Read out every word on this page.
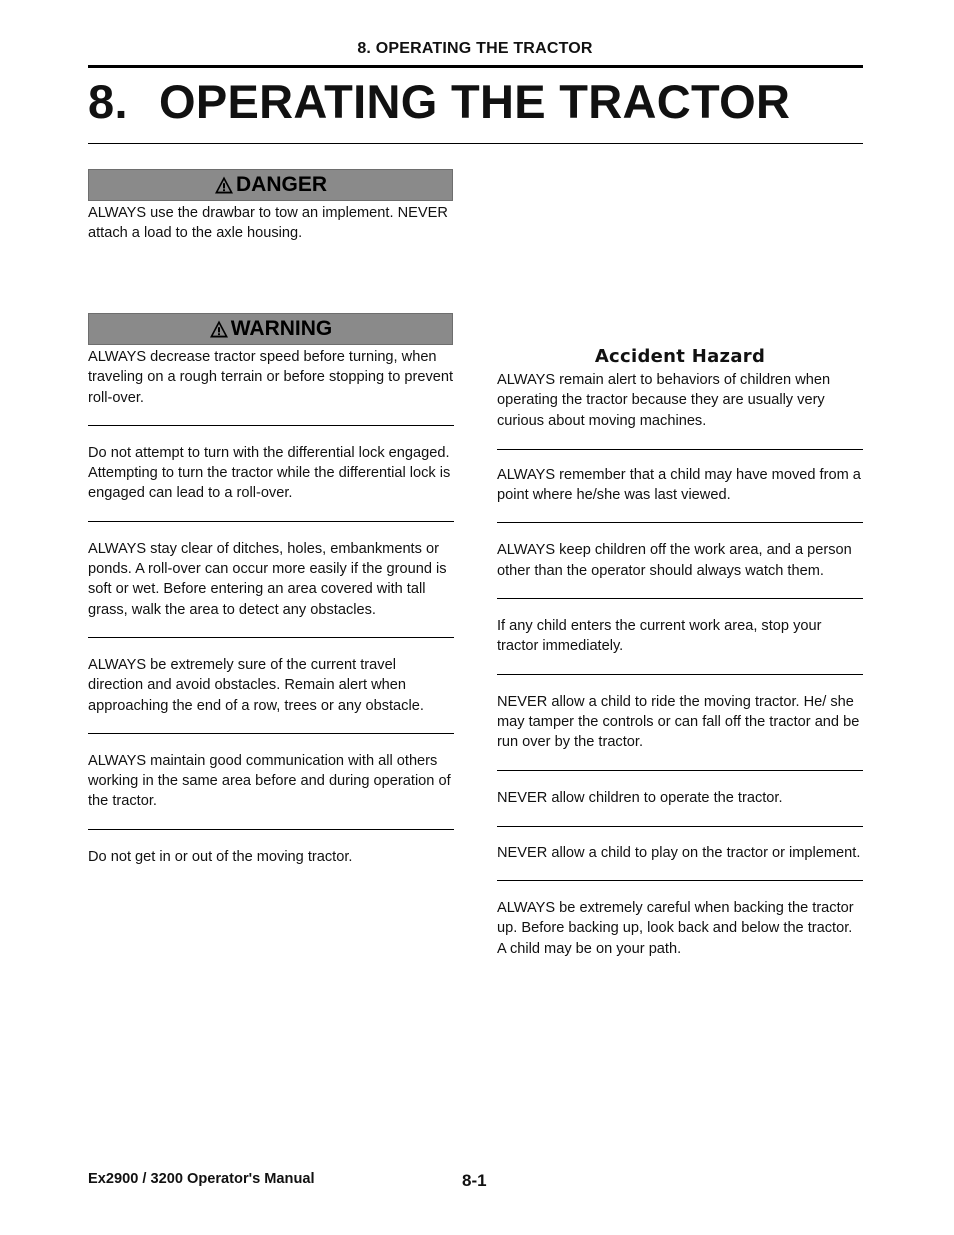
8. OPERATING THE TRACTOR
8. OPERATING THE TRACTOR
DANGER

ALWAYS use the drawbar to tow an implement. NEVER attach a load to the axle housing.

WARNING

ALWAYS decrease tractor speed before turning, when traveling on a rough terrain or before stopping to prevent roll-over.

Do not attempt to turn with the differential lock engaged. Attempting to turn the tractor while the differential lock is engaged can lead to a roll-over.

ALWAYS stay clear of ditches, holes, embankments or ponds. A roll-over can occur more easily if the ground is soft or wet. Before entering an area covered with tall grass, walk the area to detect any obstacles.

ALWAYS be extremely sure of the current travel direction and avoid obstacles. Remain alert when approaching the end of a row, trees or any obstacle.

ALWAYS maintain good communication with all others working in the same area before and during operation of the tractor.

Do not get in or out of the moving tractor.

Accident Hazard

ALWAYS remain alert to behaviors of children when operating the tractor because they are usually very curious about moving machines.

ALWAYS remember that a child may have moved from a point where he/she was last viewed.

ALWAYS keep children off the work area, and a person other than the operator should always watch them.

If any child enters the current work area, stop your tractor immediately.

NEVER allow a child to ride the moving tractor. He/ she may tamper the controls or can fall off the tractor and be run over by the tractor.

NEVER allow children to operate the tractor.

NEVER allow a child to play on the tractor or implement.

ALWAYS be extremely careful when backing the tractor up. Before backing up, look back and below the tractor. A child may be on your path.

Ex2900 / 3200 Operator's Manual	8-1
